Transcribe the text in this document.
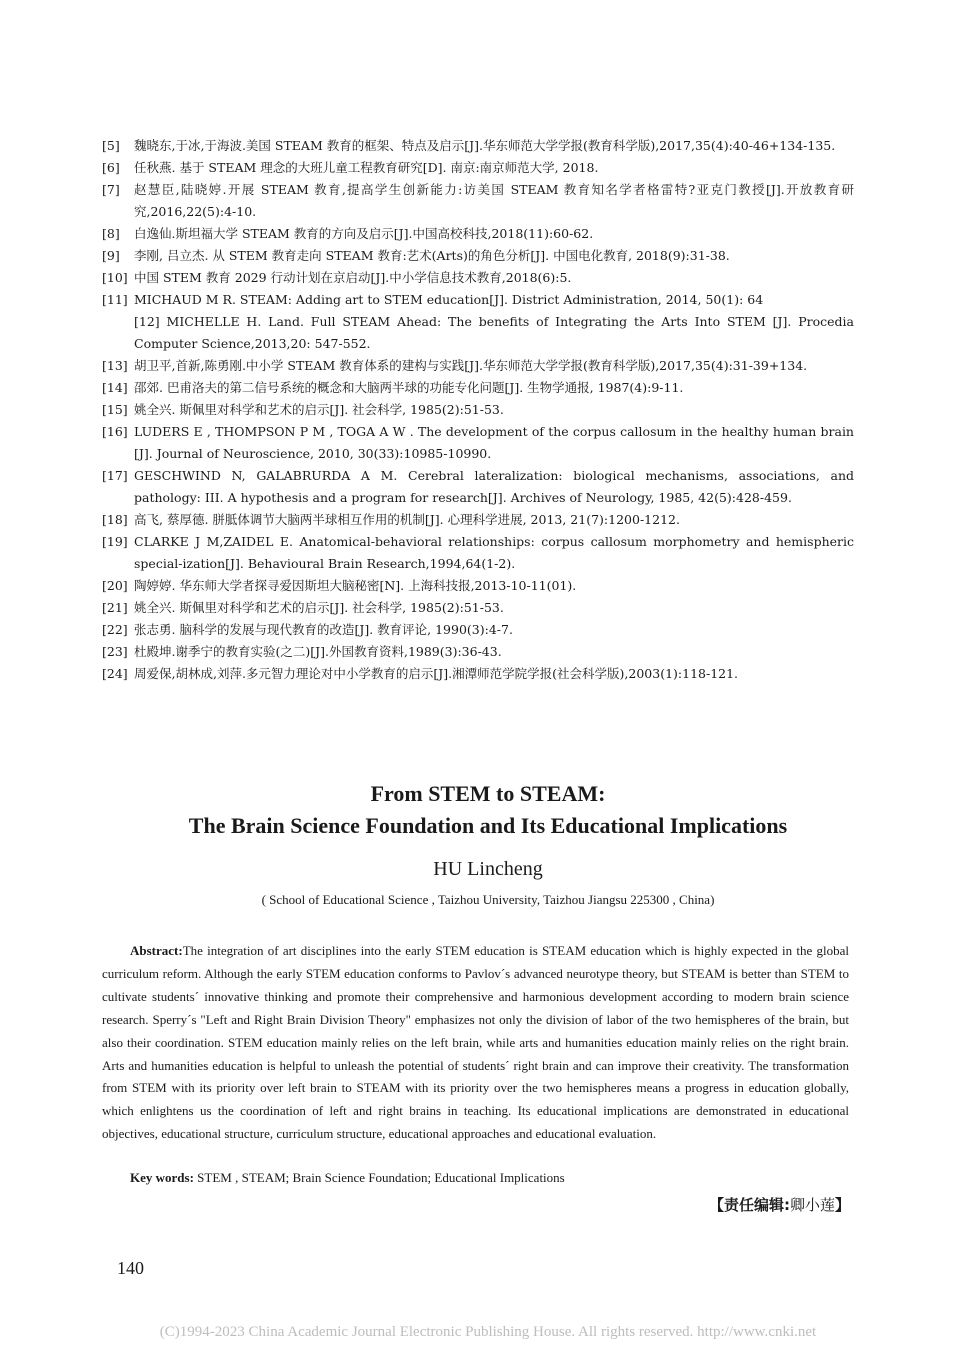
[5]	魏晓东,于冰,于海波.美国 STEAM 教育的框架、特点及启示[J].华东师范大学学报(教育科学版),2017,35(4):40-46+134-135.
[6]	任秋燕. 基于 STEAM 理念的大班儿童工程教育研究[D]. 南京:南京师范大学, 2018.
[7]	赵慧臣,陆晓婷.开展 STEAM 教育,提高学生创新能力:访美国 STEAM 教育知名学者格雷特?亚克门教授[J].开放教育研究,2016,22(5):4-10.
[8]	白逸仙.斯坦福大学 STEAM 教育的方向及启示[J].中国高校科技,2018(11):60-62.
[9]	李刚, 吕立杰. 从 STEM 教育走向 STEAM 教育:艺术(Arts)的角色分析[J]. 中国电化教育, 2018(9):31-38.
[10] 中国 STEM 教育 2029 行动计划在京启动[J].中小学信息技术教育,2018(6):5.
[11] MICHAUD M R. STEAM: Adding art to STEM education[J]. District Administration, 2014, 50(1): 64
[12] MICHELLE H. Land. Full STEAM Ahead: The benefits of Integrating the Arts Into STEM [J]. Procedia Computer Science,2013,20: 547-552.
[13] 胡卫平,首新,陈勇刚.中小学 STEAM 教育体系的建构与实践[J].华东师范大学学报(教育科学版),2017,35(4):31-39+134.
[14] 邵郊. 巴甫洛夫的第二信号系统的概念和大脑两半球的功能专化问题[J]. 生物学通报, 1987(4):9-11.
[15] 姚全兴. 斯佩里对科学和艺术的启示[J]. 社会科学, 1985(2):51-53.
[16] LUDERS E , THOMPSON P M , TOGA A W . The development of the corpus callosum in the healthy human brain [J]. Journal of Neuroscience, 2010, 30(33):10985-10990.
[17] GESCHWIND N, GALABRURDA A M. Cerebral lateralization: biological mechanisms, associations, and pathology: III. A hypothesis and a program for research[J]. Archives of Neurology, 1985, 42(5):428-459.
[18] 高飞, 蔡厚德. 胼胝体调节大脑两半球相互作用的机制[J]. 心理科学进展, 2013, 21(7):1200-1212.
[19] CLARKE J M,ZAIDEL E. Anatomical-behavioral relationships: corpus callosum morphometry and hemispheric special-ization[J]. Behavioural Brain Research,1994,64(1-2).
[20] 陶婷婷. 华东师大学者探寻爱因斯坦大脑秘密[N]. 上海科技报,2013-10-11(01).
[21] 姚全兴. 斯佩里对科学和艺术的启示[J]. 社会科学, 1985(2):51-53.
[22] 张志勇. 脑科学的发展与现代教育的改造[J]. 教育评论, 1990(3):4-7.
[23] 杜殿坤.谢季宁的教育实验(之二)[J].外国教育资料,1989(3):36-43.
[24] 周爱保,胡林成,刘萍.多元智力理论对中小学教育的启示[J].湘潭师范学院学报(社会科学版),2003(1):118-121.
From STEM to STEAM:
The Brain Science Foundation and Its Educational Implications
HU Lincheng
( School of Educational Science , Taizhou University, Taizhou Jiangsu 225300 , China)
Abstract:The integration of art disciplines into the early STEM education is STEAM education which is highly expected in the global curriculum reform. Although the early STEM education conforms to Pavlov´s advanced neurotype theory, but STEAM is better than STEM to cultivate students´ innovative thinking and promote their comprehensive and harmonious development according to modern brain science research. Sperry´s "Left and Right Brain Division Theory" emphasizes not only the division of labor of the two hemispheres of the brain, but also their coordination. STEM education mainly relies on the left brain, while arts and humanities education mainly relies on the right brain. Arts and humanities education is helpful to unleash the potential of students´ right brain and can improve their creativity. The transformation from STEM with its priority over left brain to STEAM with its priority over the two hemispheres means a progress in education globally, which enlightens us the coordination of left and right brains in teaching. Its educational implications are demonstrated in educational objectives, educational structure, curriculum structure, educational approaches and educational evaluation.
Key words: STEM , STEAM; Brain Science Foundation; Educational Implications
【责任编辑:卿小莲】
140
(C)1994-2023 China Academic Journal Electronic Publishing House. All rights reserved. http://www.cnki.net
